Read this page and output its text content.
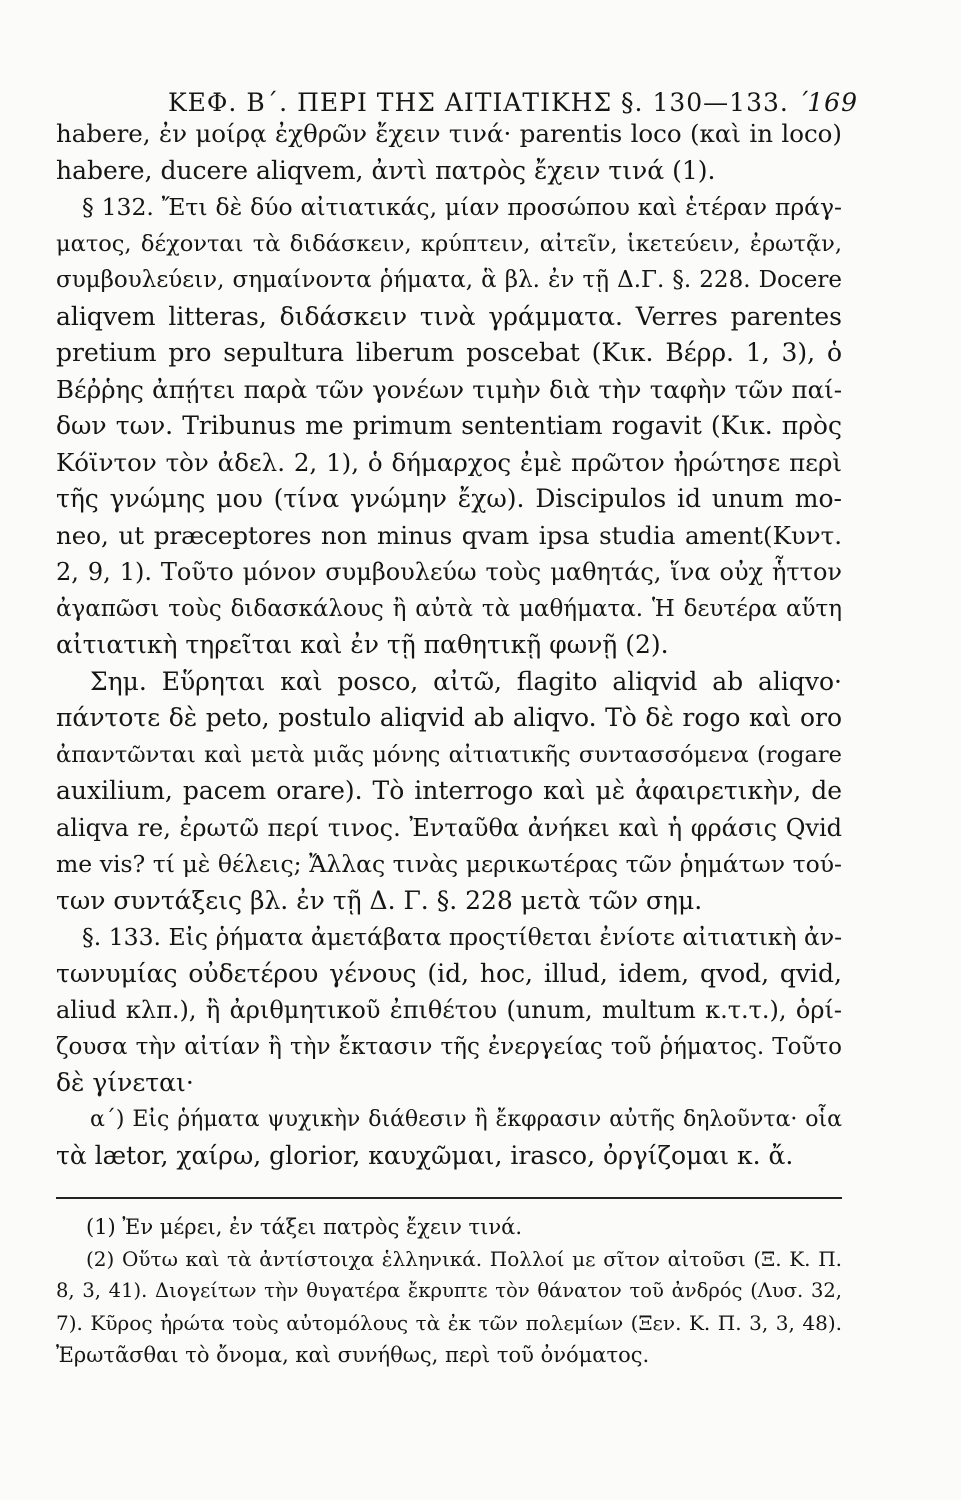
ΚΕΦ. Β΄. ΠΕΡΙ ΤΗΣ ΑΙΤΙΑΤΙΚΗΣ §. 130—133. ΄
169
habere, ἐν μοίρᾳ ἐχθρῶν ἔχειν τινά· parentis loco (καὶ in loco)
habere, ducere aliqvem, ἀντὶ πατρὸς ἔχειν τινά (1).
§ 132. Ἔτι δὲ δύο αἰτιατικάς, μίαν προσώπου καὶ ἑτέραν πράγ-
ματος, δέχονται τὰ διδάσκειν, κρύπτειν, αἰτεῖν, ἱκετεύειν, ἐρωτᾷν,
συμβουλεύειν, σημαίνοντα ῥήματα, ἃ βλ. ἐν τῇ Δ.Γ. §. 228. Docere
aliqvem litteras, διδάσκειν τινὰ γράμματα. Verres parentes
pretium pro sepultura liberum poscebat (Κικ. Βέρρ. 1, 3), ὁ
Βέῤῥης ἀπῄτει παρὰ τῶν γονέων τιμὴν διὰ τὴν ταφὴν τῶν παί-
δων των. Tribunus me primum sententiam rogavit (Κικ. πρὸς
Κόϊντον τὸν ἀδελ. 2, 1), ὁ δήμαρχος ἐμὲ πρῶτον ἠρώτησε περὶ
τῆς γνώμης μου (τίνα γνώμην ἔχω). Discipulos id unum mo-
neo, ut præceptores non minus qvam ipsa studia ament(Κυντ.
2, 9, 1). Τοῦτο μόνον συμβουλεύω τοὺς μαθητάς, ἵνα οὐχ ἧττον
ἀγαπῶσι τοὺς διδασκάλους ἢ αὐτὰ τὰ μαθήματα. Ἡ δευτέρα αὕτη
αἰτιατικὴ τηρεῖται καὶ ἐν τῇ παθητικῇ φωνῇ (2).
Σημ. Εὕρηται καὶ posco, αἰτῶ, flagito aliqvid ab aliqvo·
πάντοτε δὲ peto, postulo aliqvid ab aliqvo. Τὸ δὲ rogo καὶ oro
ἀπαντῶνται καὶ μετὰ μιᾶς μόνης αἰτιατικῆς συντασσόμενα (rogare
auxilium, pacem orare). Τὸ interrogo καὶ μὲ ἀφαιρετικὴν, de
aliqva re, ἐρωτῶ περί τινος. Ἐνταῦθα ἀνήκει καὶ ἡ φράσις Qvid
me vis? τί μὲ θέλεις; Ἄλλας τινὰς μερικωτέρας τῶν ῥημάτων τού-
των συντάξεις βλ. ἐν τῇ Δ. Γ. §. 228 μετὰ τῶν σημ.
§. 133. Εἰς ῥήματα ἀμετάβατα προςτίθεται ἐνίοτε αἰτιατικὴ ἀν-
τωνυμίας οὐδετέρου γένους (id, hoc, illud, idem, qvod, qvid,
aliud κλπ.), ἢ ἀριθμητικοῦ ἐπιθέτου (unum, multum κ.τ.τ.), ὁρί-
ζουσα τὴν αἰτίαν ἢ τὴν ἔκτασιν τῆς ἐνεργείας τοῦ ῥήματος. Τοῦτο
δὲ γίνεται·
α΄) Εἰς ῥήματα ψυχικὴν διάθεσιν ἢ ἔκφρασιν αὐτῆς δηλοῦντα· οἷα
τὰ lætor, χαίρω, glorior, καυχῶμαι, irasco, ὀργίζομαι κ. ἄ.
(1) Ἐν μέρει, ἐν τάξει πατρὸς ἔχειν τινά.
(2) Οὕτω καὶ τὰ ἀντίστοιχα ἑλληνικά. Πολλοί με σῖτον αἰτοῦσι (Ξ. Κ. Π.
8, 3, 41). Διογείτων τὴν θυγατέρα ἔκρυπτε τὸν θάνατον τοῦ ἀνδρός (Λυσ. 32,
7). Κῦρος ἠρώτα τοὺς αὐτομόλους τὰ ἐκ τῶν πολεμίων (Ξεν. Κ. Π. 3, 3, 48).
Ἐρωτᾶσθαι τὸ ὄνομα, καὶ συνήθως, περὶ τοῦ ὀνόματος.
